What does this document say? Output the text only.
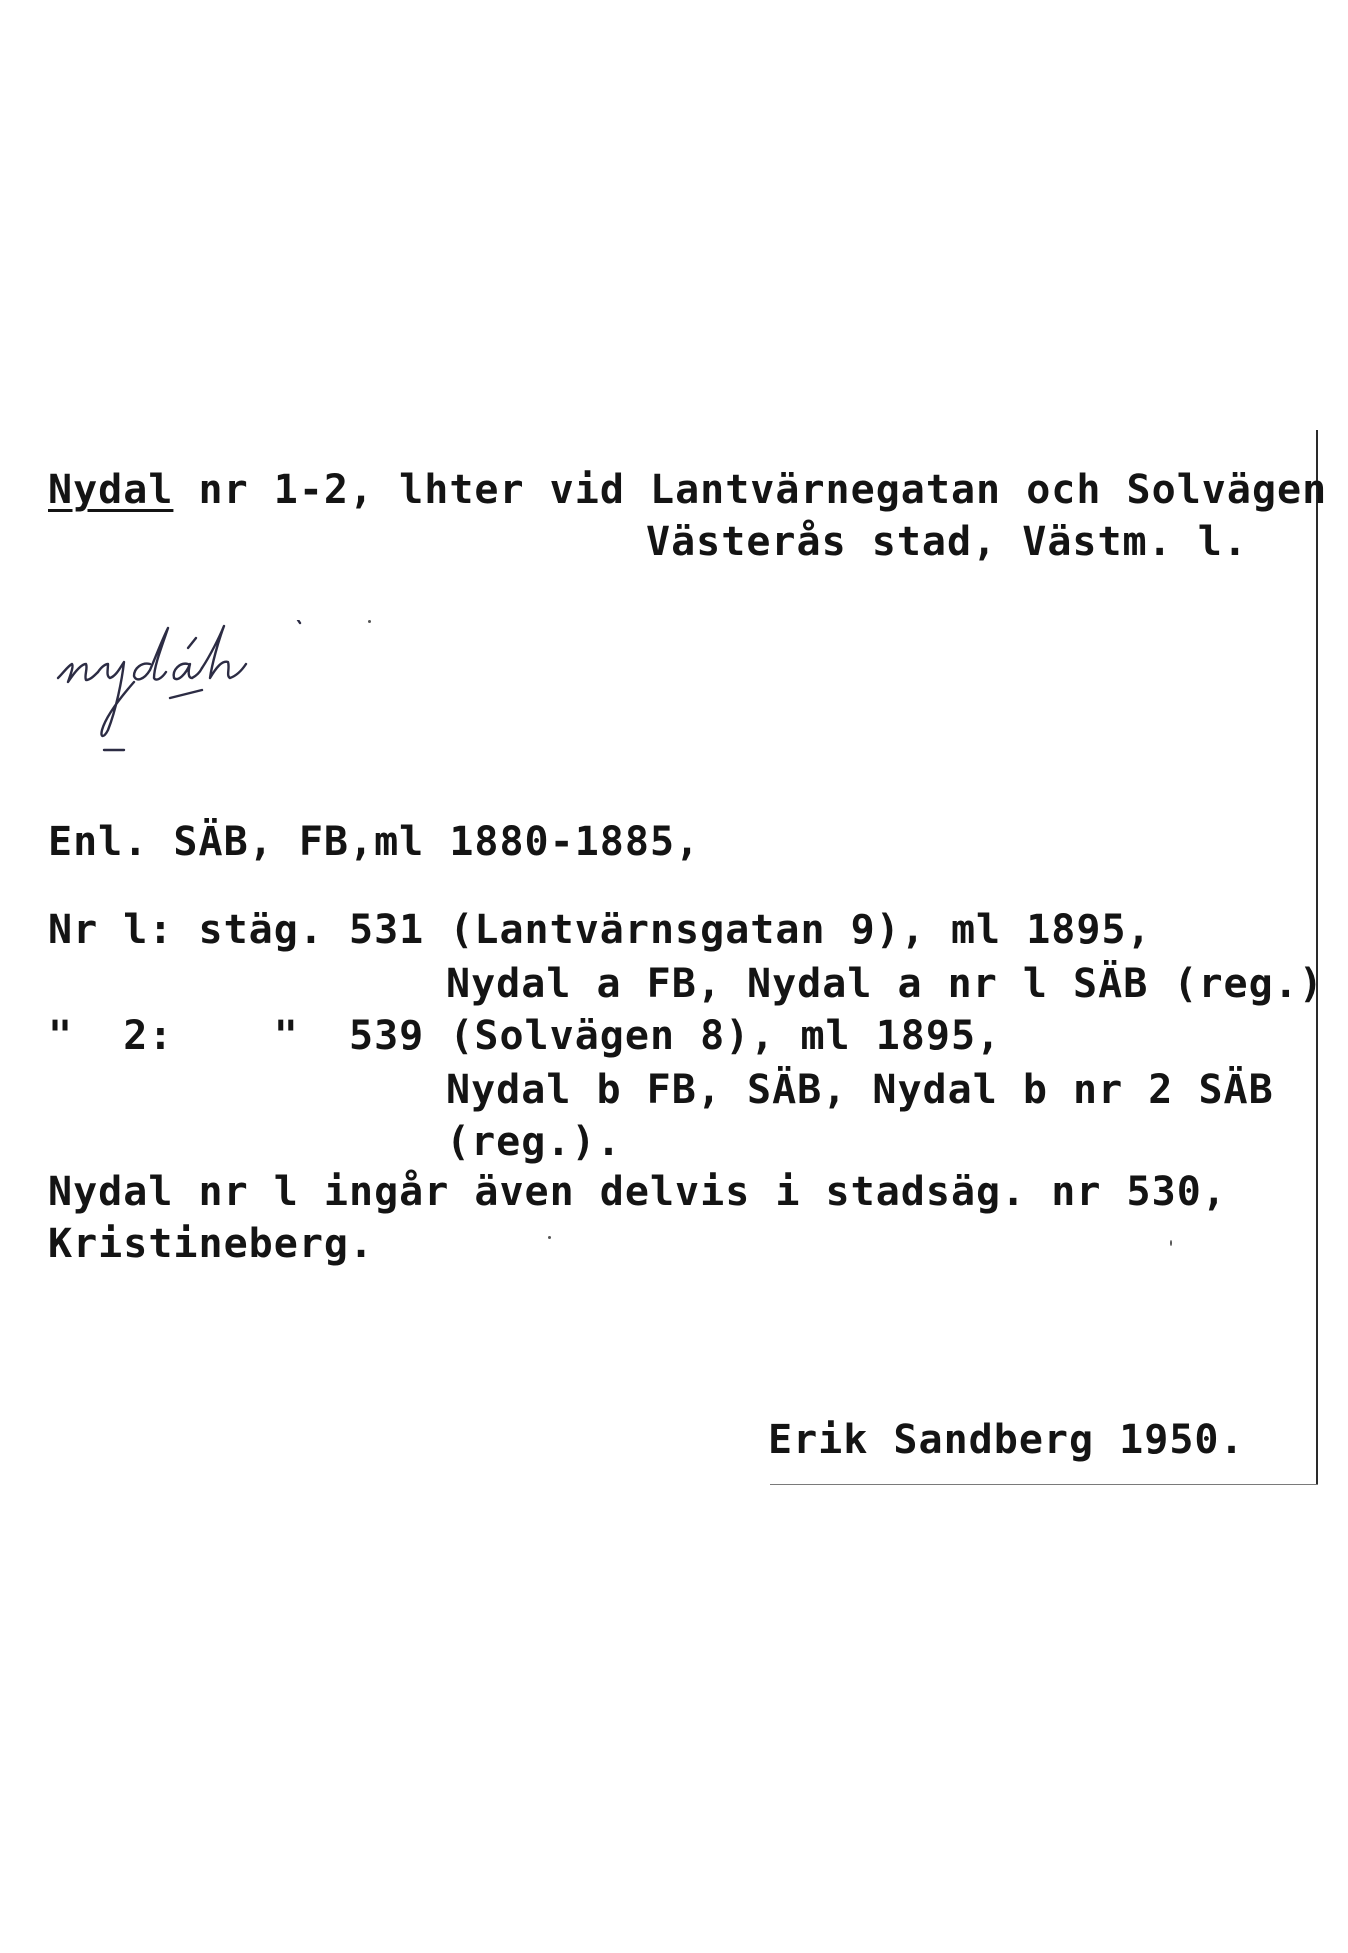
Nydal nr 1-2, lhter vid Lantvärnegatan och Solvägen
Västerås stad, Västm. l.
Enl. SÄB, FB,ml 1880-1885,
Nr l: stäg. 531 (Lantvärnsgatan 9), ml 1895,
Nydal a FB, Nydal a nr l SÄB (reg.)
"  2:    "  539 (Solvägen 8), ml 1895,
Nydal b FB, SÄB, Nydal b nr 2 SÄB
(reg.).
Nydal nr l ingår även delvis i stadsäg. nr 530,
Kristineberg.
Erik Sandberg 1950.
